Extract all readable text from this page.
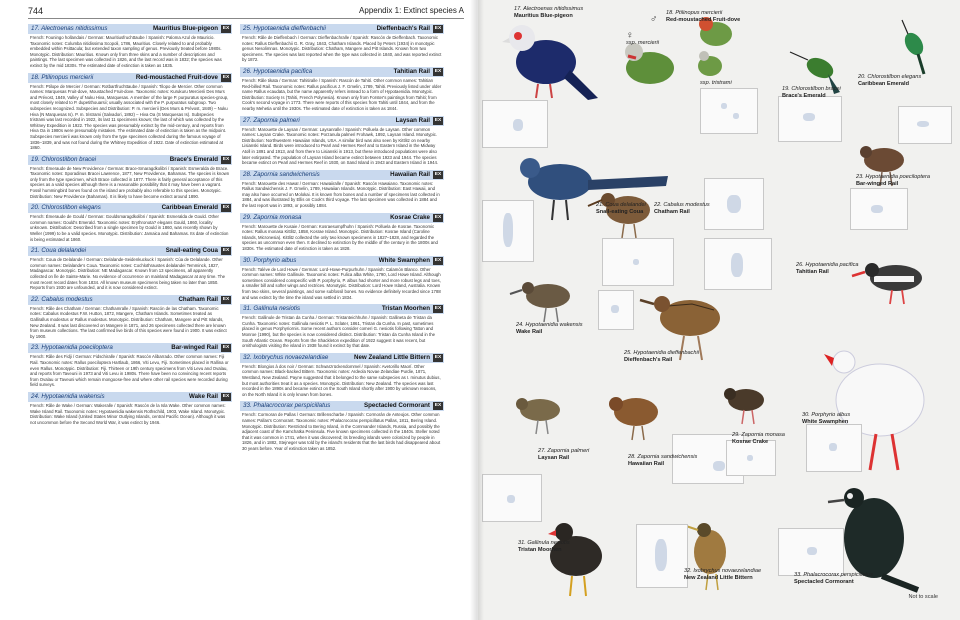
744	Appendix 1: Extinct species A
17. Alectroenas nitidissimus	Mauritius Blue-pigeon EX
French: Founingo hollandais / German: Mauritiusfruchttaube / Spanish: Paloma Azul de Mauricio. Taxonomic notes: Columba nitidissima Scopoli, 1786, Mauritius. Closely related to and probably embedded within Psittacula; but extended taxon sampling of genus. Previously treated before 1980s. Monotypic. Distribution: Mauritius. Known only from three skins and a number of descriptions and paintings. The last specimen was collected in 1826, and the last record was in 1832; the species was extinct by the mid 1830s. The estimated date of extinction is taken as 1835.
18. Ptilinopus mercierii	Red-moustached Fruit-dove EX
French: Ptilope de Mercier / German: Rotbartfruchttaube / Spanish: Tilopo de Mercier. Other common names: Marquesas Fruit-dove, Moustached Fruit-dove. Taxonomic notes: Kurukuru Mercierii Des Murs and Prévost, 1849, Valley of Nuku Hiva, Marquesas. A member of the large P. purpuratus species-group, most closely related to P. dupetithouarsii; usually associated with the P. purpuratus subgroup. Two subspecies recognized. Subspecies and Distribution: P. m. mercierii (Des Murs & Prévost, 1849) – Nuku Hiva (N Marquesas Is). P. m. tristrami (Salvadori, 1892) – Hiva Oa (S Marquesas Is). Subspecies tristrami was last recorded in 1922, its last 11 specimens known; the last of which was collected by the Whitney Expedition in 1922. The species was presumably extinct by the mid-century, and reports from Hiva Oa in 1980s were presumably mistaken. The estimated date of extinction is taken as the midpoint. Subspecies mercierii was known only from the type specimen collected during the famous voyage of 1836–1839, and was not found during the Whitney Expedition of 1922. Date of extinction estimated at 1860.
19. Chlorostilbon bracei	Brace's Emerald EX
French: Émeraude de New Providence / German: Brace-Smaragdkolibri / Spanish: Esmeralda de Brace. Taxonomic notes: Sporadinus Bracei Lawrence, 1877, New Providence, Bahamas. The species is known only from the type specimen, which Brace collected in 1877. There is fairly general acceptance of this species as a valid species although there is a reasonable possibility that it may have been a vagrant. Fossil hummingbird bones found on the island are probably also referable to this species. Monotypic. Distribution: New Providence (Bahamas). It is likely to have become extinct around 1890.
20. Chlorostilbon elegans	Caribbean Emerald EX
French: Émeraude de Gould / German: Gouldsmaragdkolibri / Spanish: Esmeralda de Gould. Other common names: Gould's Emerald. Taxonomic notes: Erythronota? elegans Gould, 1860, locality unknown. Distribution: Described from a single specimen by Gould in 1860, was recently shown by Weller (1999) to be a valid species. Monotypic. Distribution: Jamaica and Bahamas. Its date of extinction is being estimated at 1860.
21. Coua delalandei	Snail-eating Coua EX
French: Coua de Delalande / German: Delalande-Seidenkuckuck / Spanish: Cúa de Delalande. Other common names: Delalande's Coua. Taxonomic notes: Cochlothraustes delalandei Temminck, 1827, Madagascar. Monotypic. Distribution: NE Madagascar. Known from 13 specimens, all apparently collected on Île de Sainte-Marie. No evidence of occurrence on mainland Madagascar at any time. The most recent record dates from 1834. All known museum specimens being taken no later than 1850. Reports from 1930 are unfounded, and it is now considered extinct.
22. Cabalus modestus	Chatham Rail EX
French: Râle des Chatham / German: Chathamralle / Spanish: Rascón de las Chatham. Taxonomic notes: Cabalus modestus F.W. Hutton, 1872, Mangere, Chatham Islands. Sometimes treated as Gallirallus modestus or Rallus modestus. Monotypic. Distribution: Chatham, Mangere and Pitt Islands, New Zealand. It was last discovered on Mangere in 1871, and 26 specimens collected there are known from museum collections. The last confirmed live birds of this species were found in 1900. It was extinct by 1900.
23. Hypotaenidia poeciloptera	Bar-winged Rail EX
French: Râle des Fidji / German: Fidschiralle / Spanish: Rascón Alibarrado. Other common names: Fiji Rail. Taxonomic notes: Rallus poeciloptera Hartlaub, 1866, Viti Levu, Fiji. Sometimes placed in Rallina or even Rallus. Monotypic. Distribution: Fiji. Thirteen or 19th century specimens from Viti Levu and Ovalau, and reports from Taveuni in 1973 and Viti Levu in 1980s. There have been no convincing recent reports from Ovalau or Taveuni which remain mongoose-free and where other rail species were recorded during field surveys.
24. Hypotaenidia wakensis	Wake Rail EX
French: Râle de Wake / German: Wakeralle / Spanish: Rascón de la Isla Wake. Other common names: Wake Island Rail. Taxonomic notes: Hypotaenidia wakensis Rothschild, 1903, Wake Island. Monotypic. Distribution: Wake Island (United States Minor Outlying Islands, central Pacific Ocean). Although it was not uncommon before the Second World War, it was extinct by 1946.
25. Hypotaenidia dieffenbachii	Dieffenbach's Rail EX
French: Râle de Dieffenbach / German: Dieffenbachralle / Spanish: Rascón de Dieffenbach. Taxonomic notes: Rallus Dieffenbachii G. R. Gray, 1843, Chatham Islands. Placed by Peters (1934) in monotypic genus Nesolimnas. Monotypic. Distribution: Chatham, Mangere and Pitt Islands. Known from two specimens. The species was last reported when the type was collected in 1840, and was reported extinct by 1872.
26. Hypotaenidia pacifica	Tahitian Rail EX
French: Râle tikata / German: Tahitiralle / Spanish: Rascón de Tahití. Other common names: Tahitian Red-billed Rail. Taxonomic notes: Rallus pacificus J. F. Gmelin, 1789, Tahiti. Previously listed under older name Rallus ecaudata, but the name apparently refers instead to a form of Hypotaenidia. Monotypic. Distribution: Society Is (Tahiti, French Polynesia). Known only from Forster's paintings from Tahiti; from Cook's second voyage in 1773. There were reports of this species from Tahiti until 1844, and from the nearby Mehetia until the 1930s. The estimated date of extinction is taken as 1844.
27. Zapornia palmeri	Laysan Rail EX
French: Marouette de Laysan / German: Laysanralle / Spanish: Polluela de Laysan. Other common names: Laysan Crake. Taxonomic notes: Porzanula palmeri Frohawk, 1892, Laysan Island. Monotypic. Distribution: Northwestern Hawaiian Islands, USA. A similar bird was also seen by Kittlitz on nearby Lisianski Island. Birds were introduced to Pearl and Hermes Reef and to Eastern Island in the Midway Atoll in 1891 and 1913, and from there to Lisianski in 1913, but these introduced populations were also later extirpated. The population of Laysan Island became extinct between 1923 and 1944. The species became extinct on Pearl and Hermes Reef in 1930, on Sand Island in 1943 and Eastern Island in 1944.
28. Zapornia sandwichensis	Hawaiian Rail EX
French: Marouette des Hawaï / German: Hawaiiralle / Spanish: Rascón Hawaiano. Taxonomic notes: Rallus Sandwichensis J. F. Gmelin, 1789, Hawaiian Islands. Monotypic. Distribution: East Hawaii, and may also have occurred on Molokai. It is known from bones and a number of specimens last collected in 1884, and was illustrated by Ellis on Cook's third voyage. The last specimen was collected in 1884 and the last report was in 1893, or possibly 1884.
29. Zapornia monasa	Kosrae Crake EX
French: Marouette de Kusaie / German: Kosraesumpfhuhn / Spanish: Polluela de Kosrae. Taxonomic notes: Rallus monasa Kittlitz, 1858, Kosrae Island. Monotypic. Distribution: Kosrae Island (Caroline Islands, Micronesia). Kittlitz collected the only two known specimens in 1827–1828, and regarded the species as uncommon even then. It declined to extinction by the middle of the century in the 1800s and 1830s. The estimated date of extinction is taken as 1828.
30. Porphyrio albus	White Swamphen EX
French: Talève de Lord Howe / German: Lord-Howe-Purpurhuhn / Spanish: Calamón Blanco. Other common names: White Gallinule. Taxonomic notes: Fulica alba White, 1790, Lord Howe Island. Although sometimes considered conspecific with P. porphyrio, P. albus had shorter and more robust legs and toes, a smaller bill and softer wings and rectrices. Monotypic. Distribution: Lord Howe Island, Australia. Known from two skins, several paintings, and some subfossil bones. No evidence definitely recorded since 1788 and was extinct by the time the island was settled in 1834.
31. Gallinula nesiotis	Tristan Moorhen EX
French: Gallinule de Tristan da Cunha / German: Tristanteichhuhn / Spanish: Gallineta de Tristan da Cunha. Taxonomic notes: Gallinula nesiotis P. L. Sclater, 1861, Tristan da Cunha. In past, sometimes placed in genus Porphyriornis. Some recent authors consider comeri G. nesiotis following Tatton and Monroe (1990), but the species is now considered distinct. Distribution: Tristan da Cunha Island in the South Atlantic Ocean. Reports from the Shackleton expedition of 1922 suggest it was recent, but ornithologists visiting the island in 1938 found it extinct by that date.
32. Ixobrychus novaezelandiae	New Zealand Little Bittern EX
French: Blongios à dos noir / German: Schwarzrückendommel / Spanish: Avetorillo Maorí. Other common names: Black-backed Bittern. Taxonomic notes: Ardeola Novae Zelandiae Purdie, 1871, Westland, New Zealand. Payne suggested that it belonged to the same subspecies as I. minutus dubius, but most authorities treat it as a species. Monotypic. Distribution: New Zealand. The species was last recorded in the 1890s and became extinct on the South Island shortly after 1900 by unknown reasons, on the North Island it is only known from bones.
33. Phalacrocorax perspicillatus	Spectacled Cormorant EX
French: Cormoran de Pallas / German: Brillenscharbe / Spanish: Cormorán de Anteojos. Other common names: Pallas's Cormorant. Taxonomic notes: Phalacrocorax perspicillatus Pallas, 1811, Bering Island. Monotypic. Distribution: Restricted to Bering Island, in the Commander Islands, Russia, and possibly the adjacent coast of the Kamchatka Peninsula. Five known specimens collected in the 1840s. Steller noted that it was common in 1741, when it was discovered; its breeding islands were colonized by people in 1826, and in 1882, Stejneger was told by the island's residents that the last birds had disappeared about 30 years before. Year of extinction taken as 1852.
♂
♀
17. Alectroenas nitidissimus
Mauritius Blue-pigeon	18. Ptilinopus mercierii
Red-moustached Fruit-dove
ssp. mercierii
ssp. tristrami
19. Chlorostilbon bracei
Brace's Emerald
20. Chlorostilbon elegans
Caribbean Emerald
21. Coua delalandei
Snail-eating Coua
22. Cabalus modestus
Chatham Rail
23. Hypotaenidia poeciloptera
Bar-winged Rail
26. Hypotaenidia pacifica
Tahitian Rail
24. Hypotaenidia wakensis
Wake Rail
25. Hypotaenidia dieffenbachii
Dieffenbach's Rail
30. Porphyrio albus
White Swamphen
27. Zapornia palmeri
Laysan Rail	28. Zapornia sandwichensis
Hawaiian Rail
29. Zapornia monasa
Kosrae Crake
31. Gallinula nesiotis
Tristan Moorhen
32. Ixobrychus novaezelandiae
New Zealand Little Bittern	33. Phalacrocorax perspicillatus
Spectacled Cormorant
Not to scale
